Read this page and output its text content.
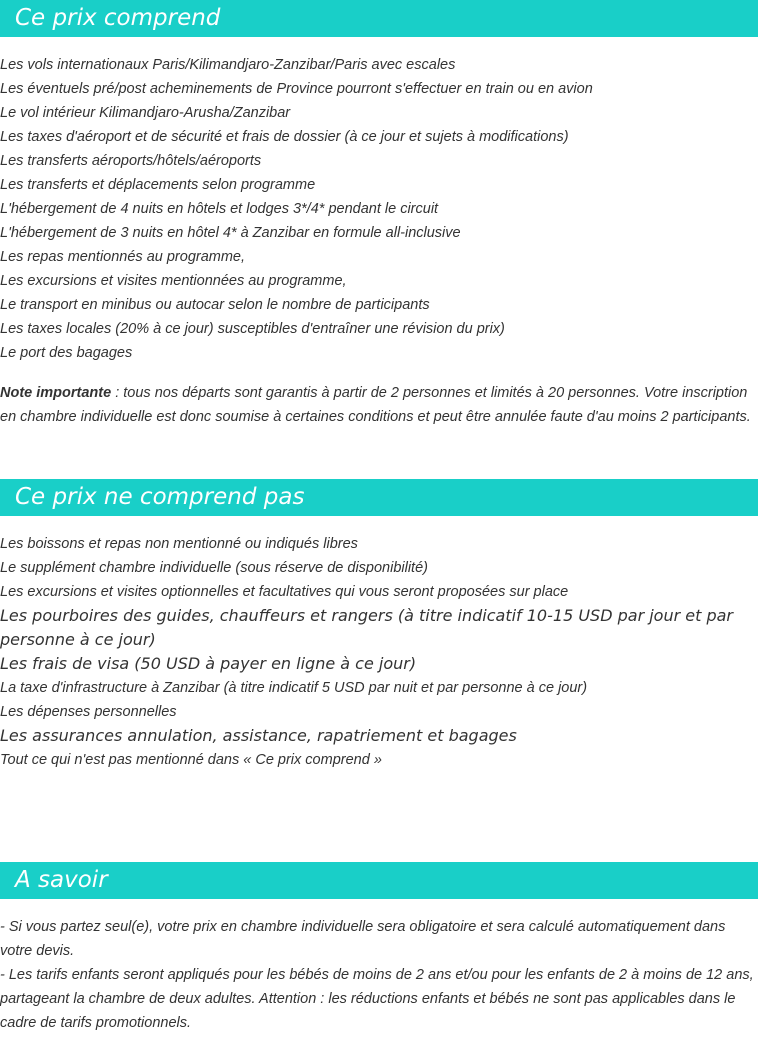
Ce prix comprend
Les vols internationaux Paris/Kilimandjaro-Zanzibar/Paris avec escales
Les éventuels pré/post acheminements de Province pourront s'effectuer en train ou en avion
Le vol intérieur Kilimandjaro-Arusha/Zanzibar
Les taxes d'aéroport et de sécurité et frais de dossier (à ce jour et sujets à modifications)
Les transferts aéroports/hôtels/aéroports
Les transferts et déplacements selon programme
L'hébergement de 4 nuits en hôtels et lodges 3*/4* pendant le circuit
L'hébergement de 3 nuits en hôtel 4* à Zanzibar en formule all-inclusive
Les repas mentionnés au programme,
Les excursions et visites mentionnées au programme,
Le transport en minibus ou autocar selon le nombre de participants
Les taxes locales (20% à ce jour) susceptibles d'entraîner une révision du prix)
Le port des bagages
Note importante : tous nos départs sont garantis à partir de 2 personnes et limités à 20 personnes. Votre inscription en chambre individuelle est donc soumise à certaines conditions et peut être annulée faute d'au moins 2 participants.
Ce prix ne comprend pas
Les boissons et repas non mentionné ou indiqués libres
Le supplément chambre individuelle (sous réserve de disponibilité)
Les excursions et visites optionnelles et facultatives qui vous seront proposées sur place
Les pourboires des guides, chauffeurs et rangers (à titre indicatif 10-15 USD par jour et par personne à ce jour)
Les frais de visa (50 USD à payer en ligne à ce jour)
La taxe d'infrastructure à Zanzibar (à titre indicatif 5 USD par nuit et par personne à ce jour)
Les dépenses personnelles
Les assurances annulation, assistance, rapatriement et bagages
Tout ce qui n'est pas mentionné dans « Ce prix comprend »
A savoir
- Si vous partez seul(e), votre prix en chambre individuelle sera obligatoire et sera calculé automatiquement dans votre devis.
- Les tarifs enfants seront appliqués pour les bébés de moins de 2 ans et/ou pour les enfants de 2 à moins de 12 ans, partageant la chambre de deux adultes. Attention : les réductions enfants et bébés ne sont pas applicables dans le cadre de tarifs promotionnels.
